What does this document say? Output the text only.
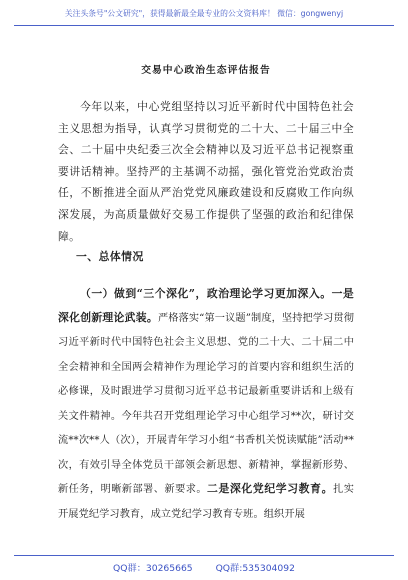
关注头条号"公文研究"，获得最新最全最专业的公文资料库！ 微信：gongwenyj
交易中心政治生态评估报告

今年以来，中心党组坚持以习近平新时代中国特色社会主义思想为指导，认真学习贯彻党的二十大、二十届三中全会、二十届中央纪委三次全会精神以及习近平总书记视察重要讲话精神。坚持严的主基调不动摇，强化管党治党政治责任，不断推进全面从严治党党风廉政建设和反腐败工作向纵深发展，为高质量做好交易工作提供了坚强的政治和纪律保障。

一、总体情况

（一）做到“三个深化”，政治理论学习更加深入。一是深化创新理论武装。严格落实“第一议题”制度，坚持把学习贯彻习近平新时代中国特色社会主义思想、党的二十大、二十届二中全会精神和全国两会精神作为理论学习的首要内容和组织生活的必修课，及时跟进学习贯彻习近平总书记最新重要讲话和上级有关文件精神。今年共召开党组理论学习中心组学习**次，研讨交流**次**人（次），开展青年学习小组“书香机关悦读赋能”活动**次，有效引导全体党员干部领会新思想、新精神，掌握新形势、新任务，明晰新部署、新要求。二是深化党纪学习教育。扎实开展党纪学习教育，成立党纪学习教育专班。组织开展

QQ群：30265665 QQ群:535304092
